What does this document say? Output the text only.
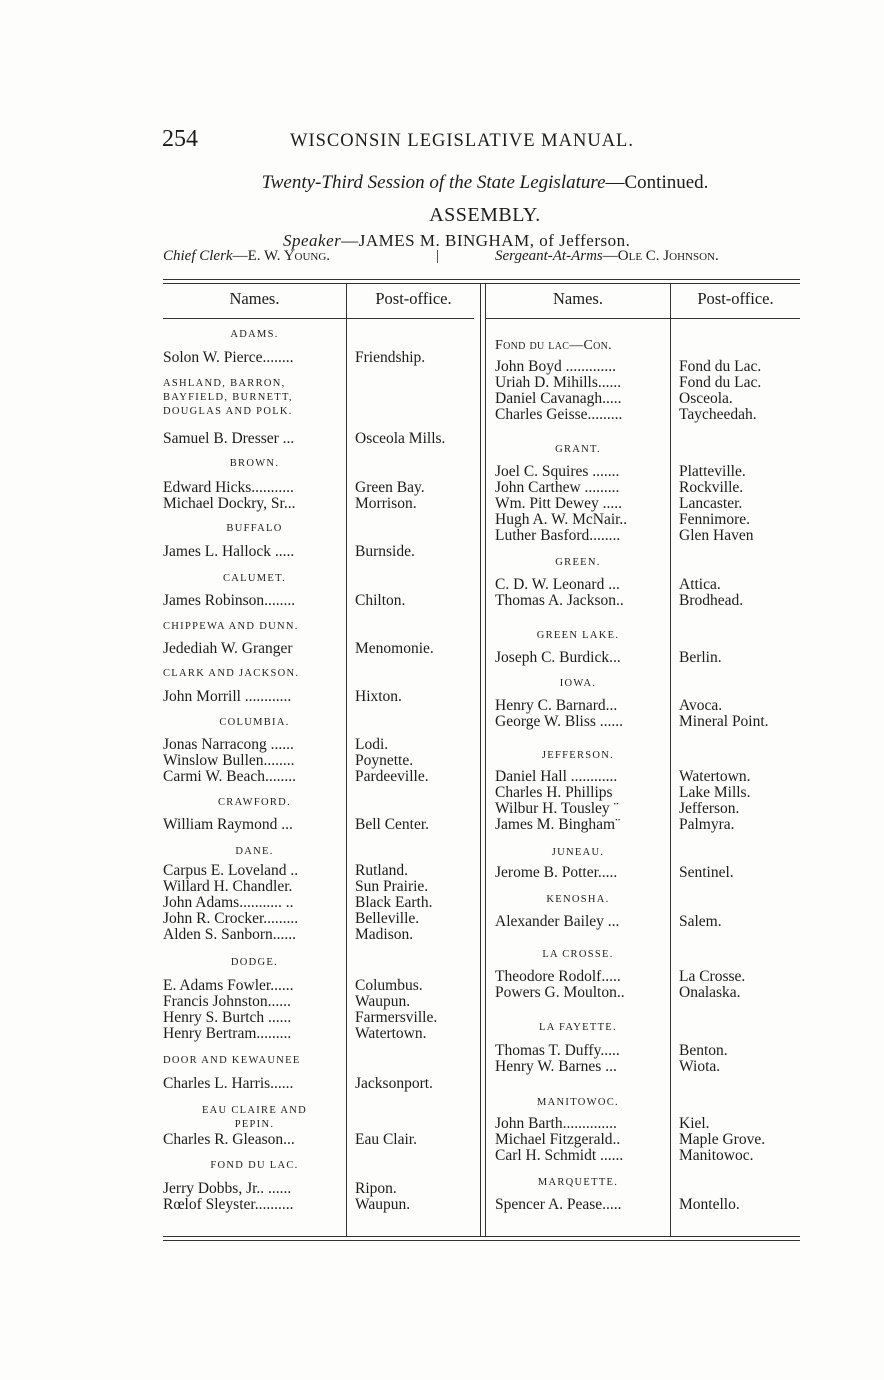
254	WISCONSIN LEGISLATIVE MANUAL.
Twenty-Third Session of the State Legislature—Continued.
ASSEMBLY.
Speaker—JAMES M. BINGHAM, of Jefferson.
Chief Clerk—E. W. Young.	|	Sergeant-At-Arms—Ole C. Johnson.
Names.	Post-office.	Names.	Post-office.
ADAMS.
Solon W. Pierce........	Friendship.
ASHLAND, BARRON,
BAYFIELD, BURNETT,
DOUGLAS AND POLK.
Samuel B. Dresser ...	Osceola Mills.
BROWN.
Edward Hicks...........	Green Bay.
Michael Dockry, Sr...	Morrison.
BUFFALO
James L. Hallock .....	Burnside.
CALUMET.
James Robinson........	Chilton.
CHIPPEWA AND DUNN.
Jedediah W. Granger	Menomonie.
CLARK AND JACKSON.
John Morrill ............	Hixton.
COLUMBIA.
Jonas Narracong ......	Lodi.
Winslow Bullen........	Poynette.
Carmi W. Beach........	Pardeeville.
CRAWFORD.
William Raymond ...	Bell Center.
DANE.
Carpus E. Loveland ..	Rutland.
Willard H. Chandler.	Sun Prairie.
John Adams........... ..	Black Earth.
John R. Crocker.........	Belleville.
Alden S. Sanborn......	Madison.
DODGE.
E. Adams Fowler......	Columbus.
Francis Johnston......	Waupun.
Henry S. Burtch ......	Farmersville.
Henry Bertram.........	Watertown.
DOOR AND KEWAUNEE
Charles L. Harris......	Jacksonport.
EAU CLAIRE AND
PEPIN.
Charles R. Gleason...	Eau Clair.
FOND DU LAC.
Jerry Dobbs, Jr.. ......	Ripon.
Rœlof Sleyster..........	Waupun.
Fond du lac—Con.
John Boyd .............	Fond du Lac.
Uriah D. Mihills......	Fond du Lac.
Daniel Cavanagh.....	Osceola.
Charles Geisse.........	Taycheedah.
GRANT.
Joel C. Squires .......	Platteville.
John Carthew .........	Rockville.
Wm. Pitt Dewey .....	Lancaster.
Hugh A. W. McNair..	Fennimore.
Luther Basford........	Glen Haven
GREEN.
C. D. W. Leonard ...	Attica.
Thomas A. Jackson..	Brodhead.
GREEN LAKE.
Joseph C. Burdick...	Berlin.
IOWA.
Henry C. Barnard...	Avoca.
George W. Bliss ......	Mineral Point.
JEFFERSON.
Daniel Hall ............	Watertown.
Charles H. Phillips	Lake Mills.
Wilbur H. Tousley ¨	Jefferson.
James M. Bingham¨	Palmyra.
JUNEAU.
Jerome B. Potter.....	Sentinel.
KENOSHA.
Alexander Bailey ...	Salem.
LA CROSSE.
Theodore Rodolf.....	La Crosse.
Powers G. Moulton..	Onalaska.
LA FAYETTE.
Thomas T. Duffy.....	Benton.
Henry W. Barnes ...	Wiota.
MANITOWOC.
John Barth..............	Kiel.
Michael Fitzgerald..	Maple Grove.
Carl H. Schmidt ......	Manitowoc.
MARQUETTE.
Spencer A. Pease.....	Montello.
